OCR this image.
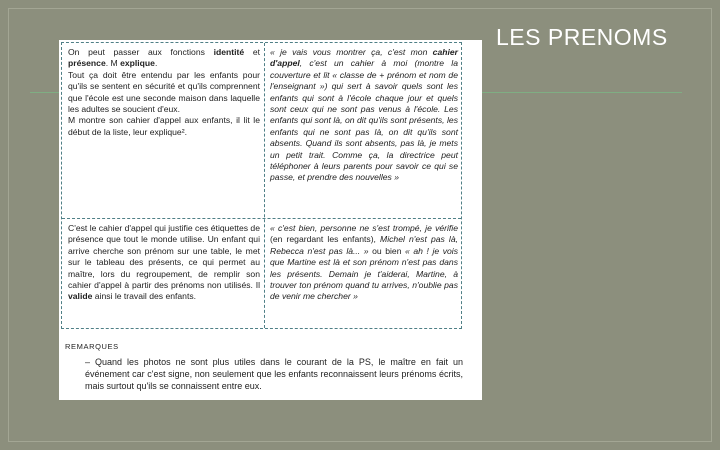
LES PRENOMS

On peut passer aux fonctions identité et présence. M explique.

Tout ça doit être entendu par les enfants pour qu'ils se sentent en sécurité et qu'ils comprennent que l'école est une seconde maison dans laquelle les adultes se soucient d'eux.

M montre son cahier d'appel aux enfants, il lit le début de la liste, leur explique².

« je vais vous montrer ça, c'est mon cahier d'appel, c'est un cahier à moi (montre la couverture et lit « classe de + prénom et nom de l'enseignant ») qui sert à savoir quels sont les enfants qui sont à l'école chaque jour et quels sont ceux qui ne sont pas venus à l'école. Les enfants qui sont là, on dit qu'ils sont présents, les enfants qui ne sont pas là, on dit qu'ils sont absents. Quand ils sont absents, pas là, je mets un petit trait. Comme ça, la directrice peut téléphoner à leurs parents pour savoir ce qui se passe, et prendre des nouvelles »

C'est le cahier d'appel qui justifie ces étiquettes de présence que tout le monde utilise. Un enfant qui arrive cherche son prénom sur une table, le met sur le tableau des présents, ce qui permet au maître, lors du regroupement, de remplir son cahier d'appel à partir des prénoms non utilisés. Il valide ainsi le travail des enfants.

« c'est bien, personne ne s'est trompé, je vérifie (en regardant les enfants), Michel n'est pas là, Rebecca n'est pas là... » ou bien « ah ! je vois que Martine est là et son prénom n'est pas dans les présents. Demain je t'aiderai, Martine, à trouver ton prénom quand tu arrives, n'oublie pas de venir me chercher »

REMARQUES
– Quand les photos ne sont plus utiles dans le courant de la PS, le maître en fait un événement car c'est signe, non seulement que les enfants reconnaissent leurs prénoms écrits, mais surtout qu'ils se connaissent entre eux.
